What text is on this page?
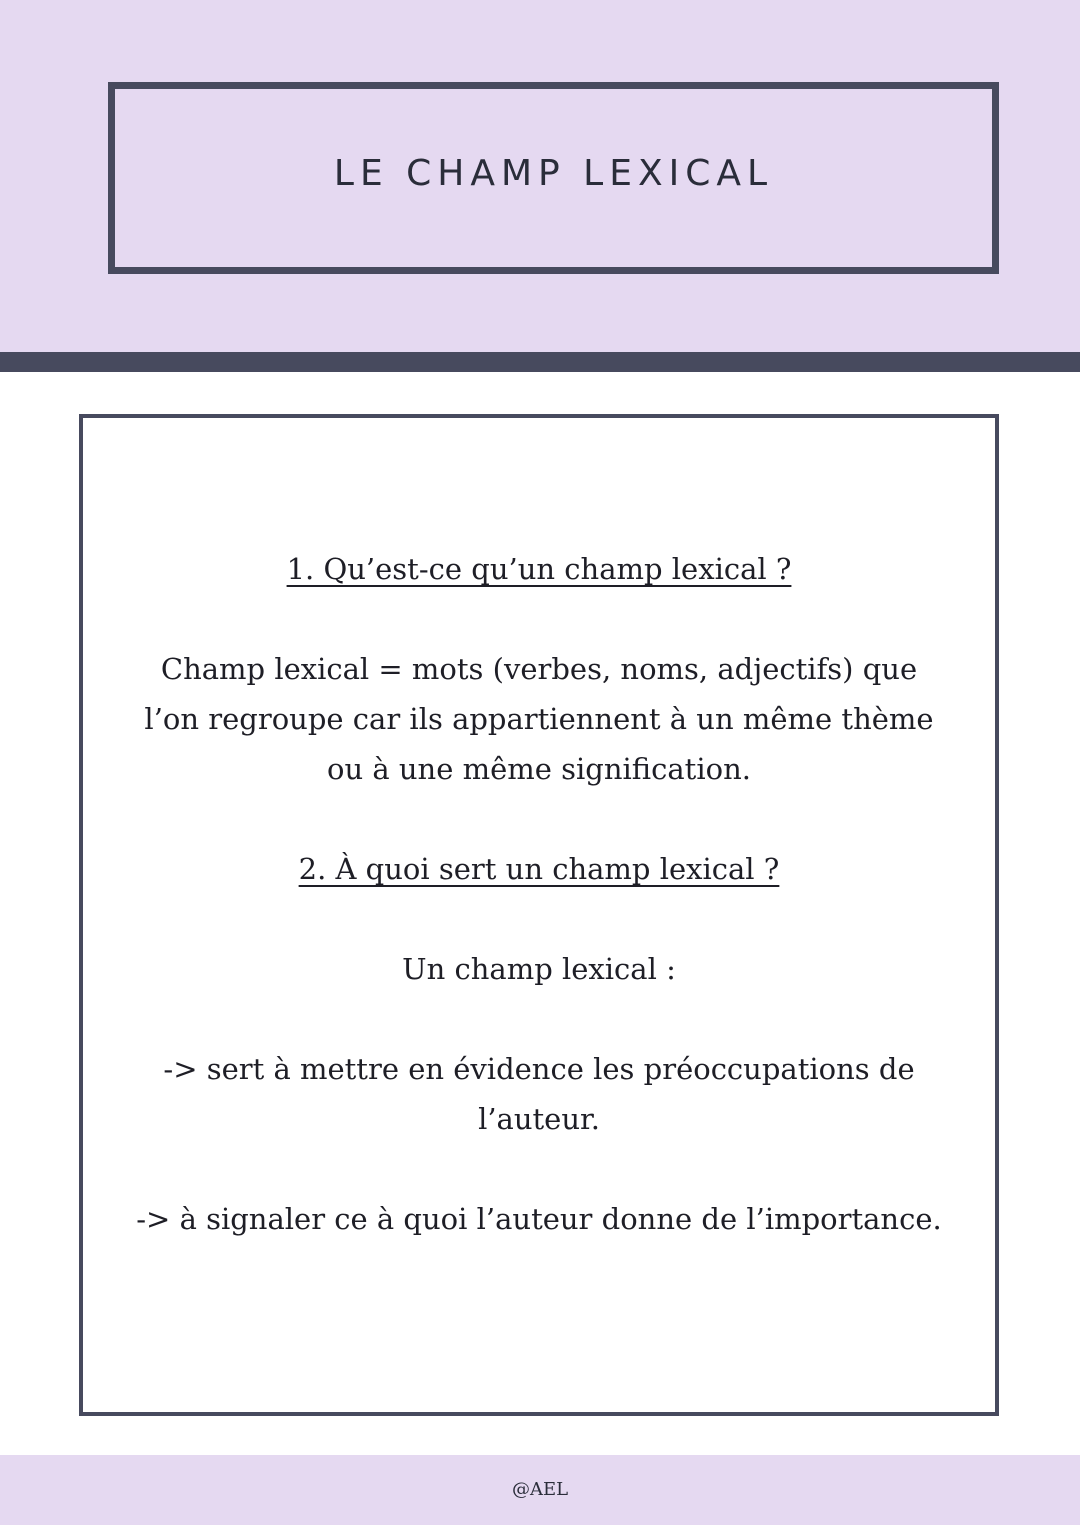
LE CHAMP LEXICAL

1. Qu’est-ce qu’un champ lexical ?

Champ lexical = mots (verbes, noms, adjectifs) que

l’on regroupe car ils appartiennent à un même thème

ou à une même signification.

2. À quoi sert un champ lexical ?

Un champ lexical :

-> sert à mettre en évidence les préoccupations de

l’auteur.

-> à signaler ce à quoi l’auteur donne de l’importance.

@AEL
